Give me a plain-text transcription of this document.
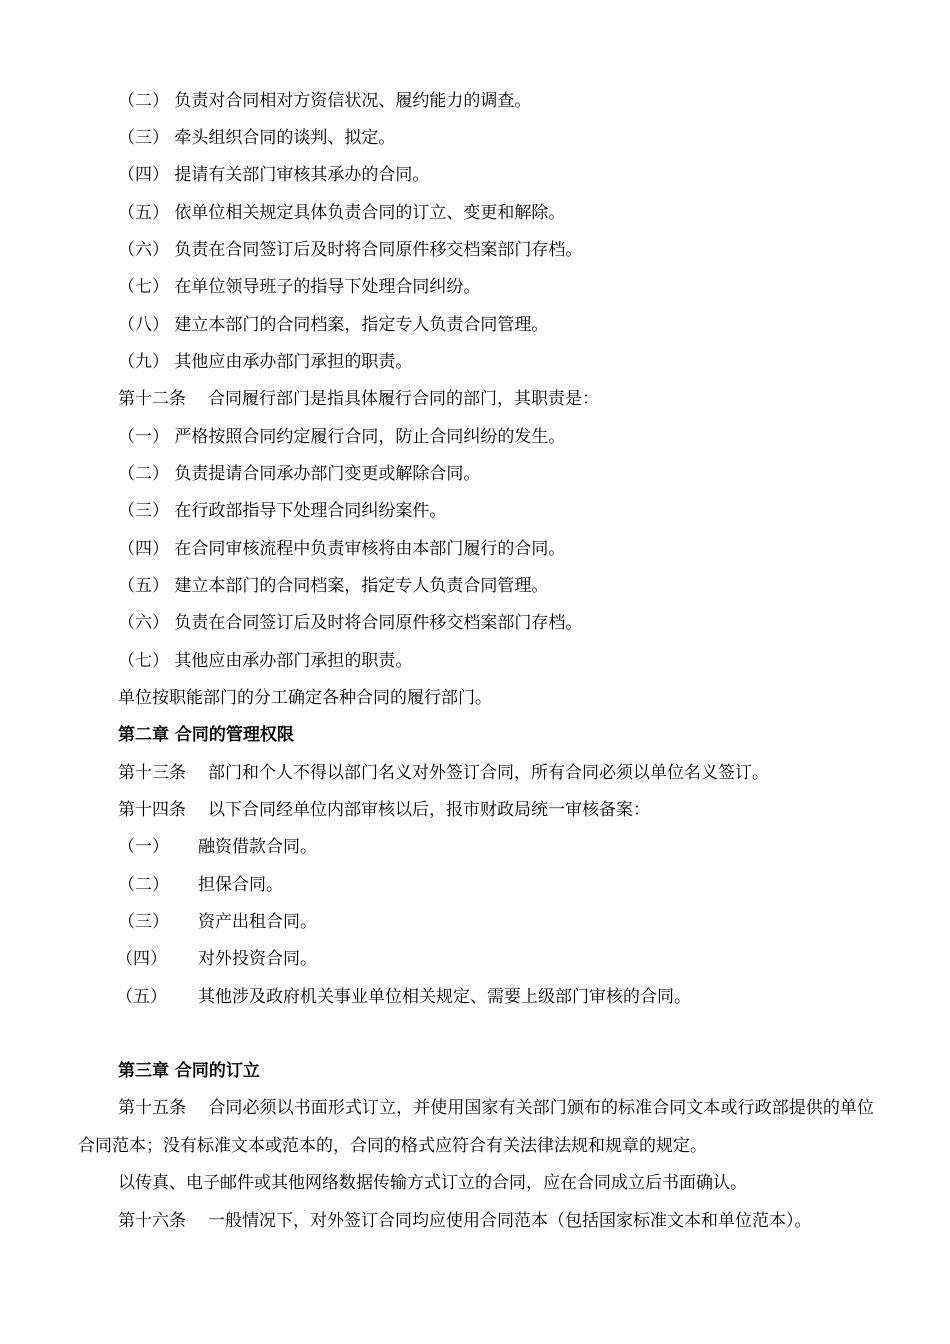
（二） 负责对合同相对方资信状况、履约能力的调查。
（三） 牵头组织合同的谈判、拟定。
（四） 提请有关部门审核其承办的合同。
（五） 依单位相关规定具体负责合同的订立、变更和解除。
（六） 负责在合同签订后及时将合同原件移交档案部门存档。
（七） 在单位领导班子的指导下处理合同纠纷。
（八） 建立本部门的合同档案，指定专人负责合同管理。
（九） 其他应由承办部门承担的职责。
第十二条 合同履行部门是指具体履行合同的部门，其职责是：
（一） 严格按照合同约定履行合同，防止合同纠纷的发生。
（二） 负责提请合同承办部门变更或解除合同。
（三） 在行政部指导下处理合同纠纷案件。
（四） 在合同审核流程中负责审核将由本部门履行的合同。
（五） 建立本部门的合同档案，指定专人负责合同管理。
（六） 负责在合同签订后及时将合同原件移交档案部门存档。
（七） 其他应由承办部门承担的职责。
单位按职能部门的分工确定各种合同的履行部门。
第二章 合同的管理权限
第十三条 部门和个人不得以部门名义对外签订合同，所有合同必须以单位名义签订。
第十四条 以下合同经单位内部审核以后，报市财政局统一审核备案：
（一） 融资借款合同。
（二） 担保合同。
（三） 资产出租合同。
（四） 对外投资合同。
（五） 其他涉及政府机关事业单位相关规定、需要上级部门审核的合同。
第三章 合同的订立
第十五条 合同必须以书面形式订立，并使用国家有关部门颁布的标准合同文本或行政部提供的单位合同范本；没有标准文本或范本的，合同的格式应符合有关法律法规和规章的规定。
以传真、电子邮件或其他网络数据传输方式订立的合同，应在合同成立后书面确认。
第十六条 一般情况下，对外签订合同均应使用合同范本（包括国家标准文本和单位范本）。
